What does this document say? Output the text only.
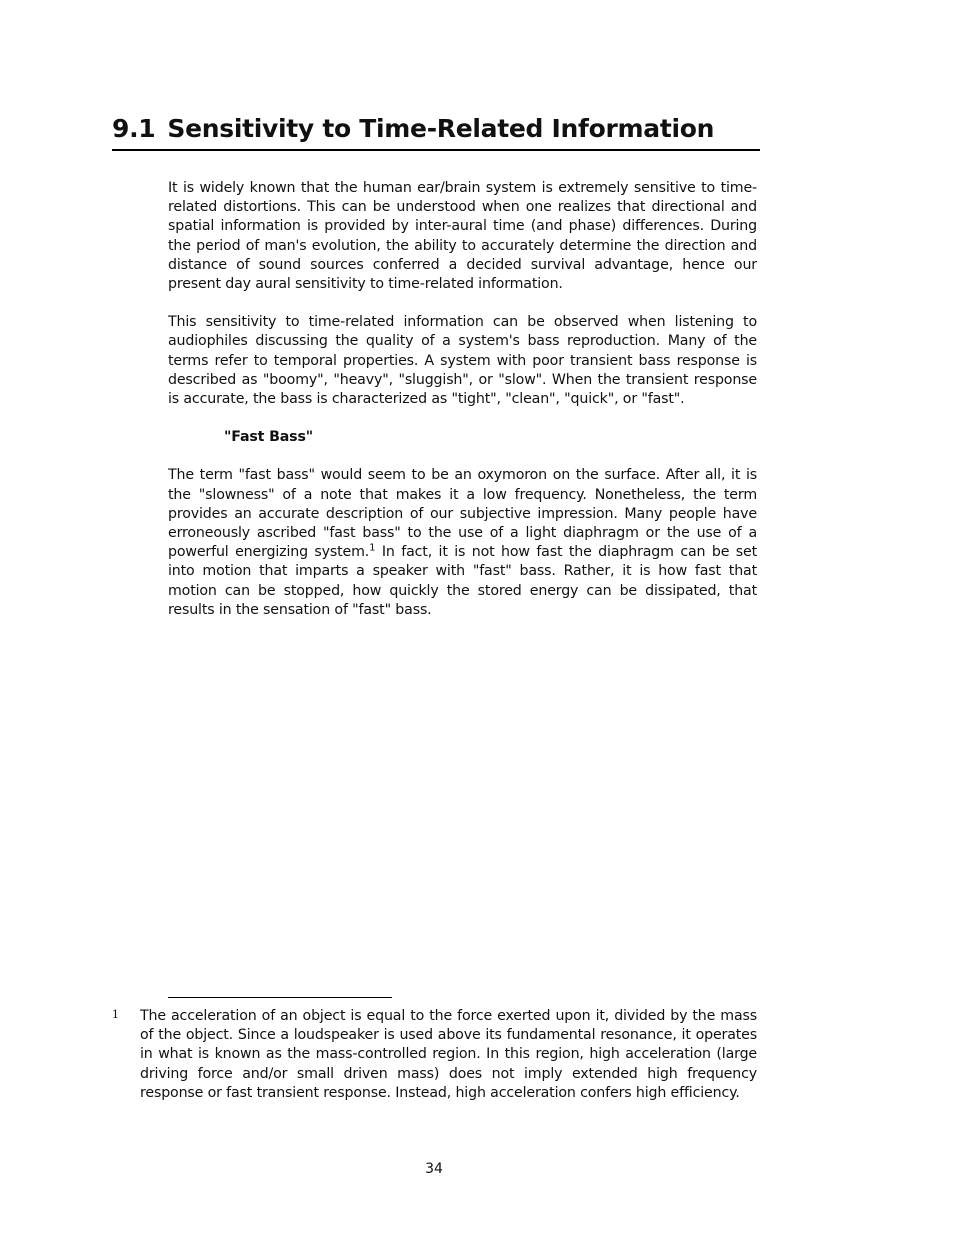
9.1 Sensitivity to Time-Related Information

It is widely known that the human ear/brain system is extremely sensitive to time-related distortions. This can be understood when one realizes that directional and spatial information is provided by inter-aural time (and phase) differences. During the period of man's evolution, the ability to accurately determine the direction and distance of sound sources conferred a decided survival advantage, hence our present day aural sensitivity to time-related information.

This sensitivity to time-related information can be observed when listening to audiophiles discussing the quality of a system's bass reproduction. Many of the terms refer to temporal properties. A system with poor transient bass response is described as "boomy", "heavy", "sluggish", or "slow". When the transient response is accurate, the bass is characterized as "tight", "clean", "quick", or "fast".

"Fast Bass"

The term "fast bass" would seem to be an oxymoron on the surface. After all, it is the "slowness" of a note that makes it a low frequency. Nonetheless, the term provides an accurate description of our subjective impression. Many people have erroneously ascribed "fast bass" to the use of a light diaphragm or the use of a powerful energizing system.$^1$ In fact, it is not how fast the diaphragm can be set into motion that imparts a speaker with "fast" bass. Rather, it is how fast that motion can be stopped, how quickly the stored energy can be dissipated, that results in the sensation of "fast" bass.

1 The acceleration of an object is equal to the force exerted upon it, divided by the mass of the object. Since a loudspeaker is used above its fundamental resonance, it operates in what is known as the mass-controlled region. In this region, high acceleration (large driving force and/or small driven mass) does not imply extended high frequency response or fast transient response. Instead, high acceleration confers high efficiency.

34
